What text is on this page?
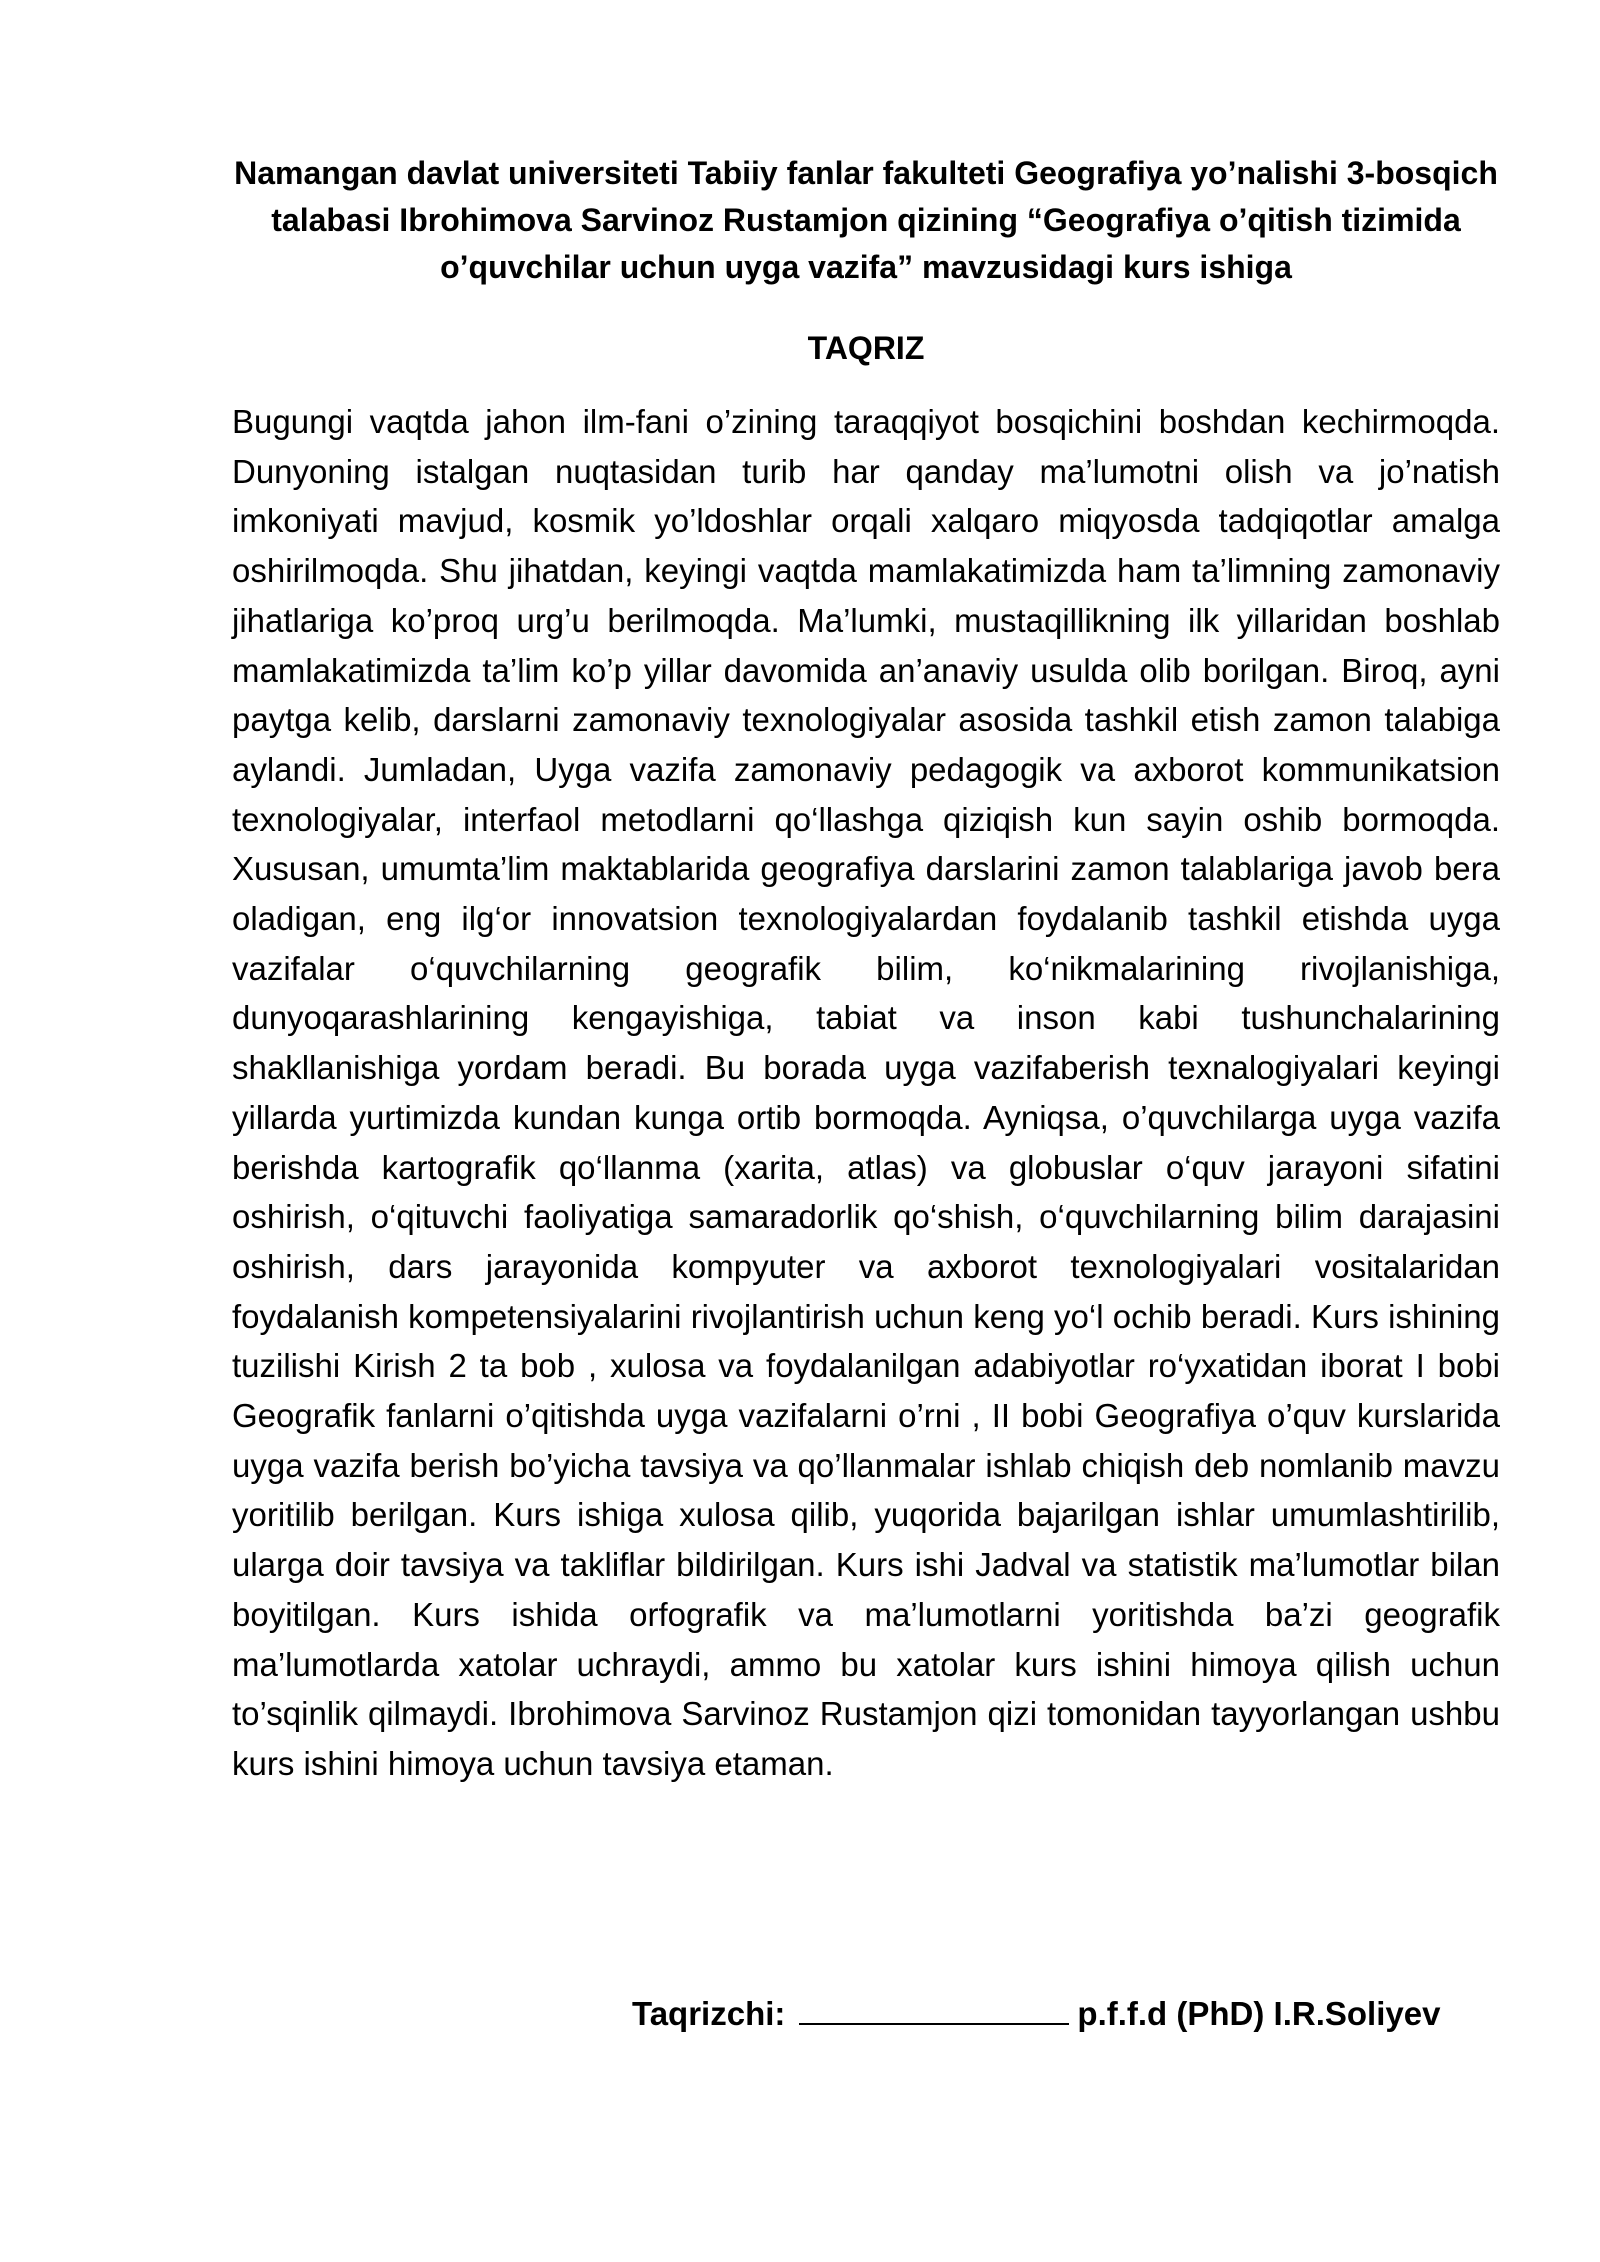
Namangan davlat universiteti Tabiiy fanlar fakulteti Geografiya yo’nalishi 3-bosqich talabasi Ibrohimova Sarvinoz Rustamjon qizining “Geografiya o’qitish tizimida o’quvchilar uchun uyga vazifa” mavzusidagi kurs ishiga

TAQRIZ

Bugungi vaqtda jahon ilm-fani o’zining taraqqiyot bosqichini boshdan kechirmoqda. Dunyoning istalgan nuqtasidan turib har qanday ma’lumotni olish va jo’natish imkoniyati mavjud, kosmik yo’ldoshlar orqali xalqaro miqyosda tadqiqotlar amalga oshirilmoqda. Shu jihatdan, keyingi vaqtda mamlakatimizda ham ta’limning zamonaviy jihatlariga ko’proq urg’u berilmoqda. Ma’lumki, mustaqillikning ilk yillaridan boshlab mamlakatimizda ta’lim ko’p yillar davomida an’anaviy usulda olib borilgan. Biroq, ayni paytga kelib, darslarni zamonaviy texnologiyalar asosida tashkil etish zamon talabiga aylandi. Jumladan, Uyga vazifa zamonaviy pedagogik va axborot kommunikatsion texnologiyalar, interfaol metodlarni qo‘llashga qiziqish kun sayin oshib bormoqda. Xususan, umumta’lim maktablarida geografiya darslarini zamon talablariga javob bera oladigan, eng ilg‘or innovatsion texnologiyalardan foydalanib tashkil etishda uyga vazifalar o‘quvchilarning geografik bilim, ko‘nikmalarining rivojlanishiga, dunyoqarashlarining kengayishiga, tabiat va inson kabi tushunchalarining shakllanishiga yordam beradi. Bu borada uyga vazifaberish texnalogiyalari keyingi yillarda yurtimizda kundan kunga ortib bormoqda. Ayniqsa, o’quvchilarga uyga vazifa berishda kartografik qo‘llanma (xarita, atlas) va globuslar o‘quv jarayoni sifatini oshirish, o‘qituvchi faoliyatiga samaradorlik qo‘shish, o‘quvchilarning bilim darajasini oshirish, dars jarayonida kompyuter va axborot texnologiyalari vositalaridan foydalanish kompetensiyalarini rivojlantirish uchun keng yo‘l ochib beradi. Kurs ishining tuzilishi Kirish 2 ta bob , xulosa va foydalanilgan adabiyotlar ro‘yxatidan iborat I bobi Geografik fanlarni o’qitishda uyga vazifalarni o’rni , II bobi Geografiya o’quv kurslarida uyga vazifa berish bo’yicha tavsiya va qo’llanmalar ishlab chiqish deb nomlanib mavzu yoritilib berilgan. Kurs ishiga xulosa qilib, yuqorida bajarilgan ishlar umumlashtirilib, ularga doir tavsiya va takliflar bildirilgan. Kurs ishi Jadval va statistik ma’lumotlar bilan boyitilgan. Kurs ishida orfografik va ma’lumotlarni yoritishda ba’zi geografik ma’lumotlarda xatolar uchraydi, ammo bu xatolar kurs ishini himoya qilish uchun to’sqinlik qilmaydi. Ibrohimova Sarvinoz Rustamjon qizi tomonidan tayyorlangan ushbu kurs ishini himoya uchun tavsiya etaman.

Taqrizchi:	p.f.f.d (PhD) I.R.Soliyev
